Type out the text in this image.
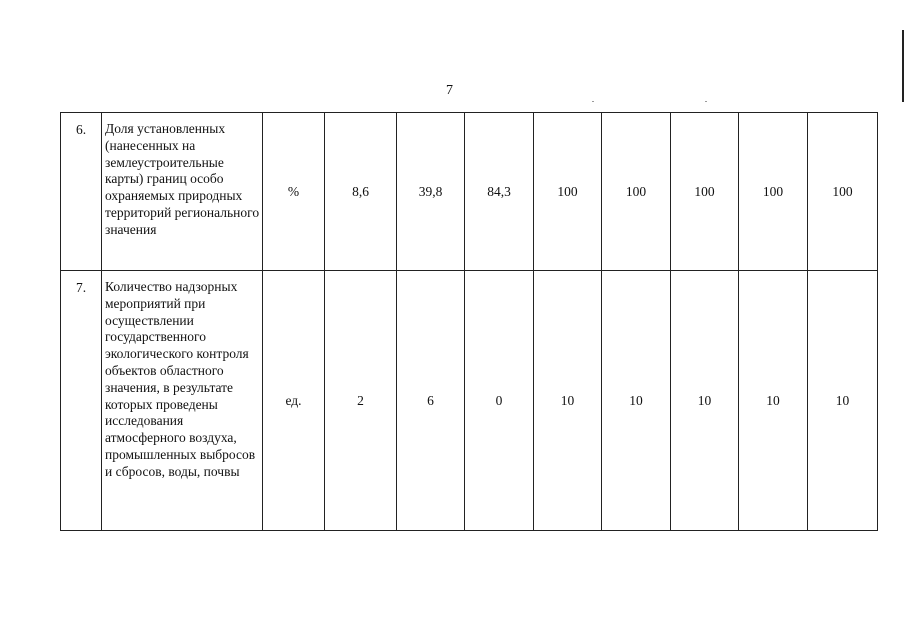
7
6.	Доля установленных (нанесенных на землеустроительные карты) границ особо охраняемых природных территорий регионального значения	%	8,6	39,8	84,3	100	100	100	100	100
7.	Количество надзорных мероприятий при осуществлении государственного экологического контроля объектов областного значения, в результате которых проведены исследования атмосферного воздуха, промышленных выбросов и сбросов, воды, почвы	ед.	2	6	0	10	10	10	10	10
